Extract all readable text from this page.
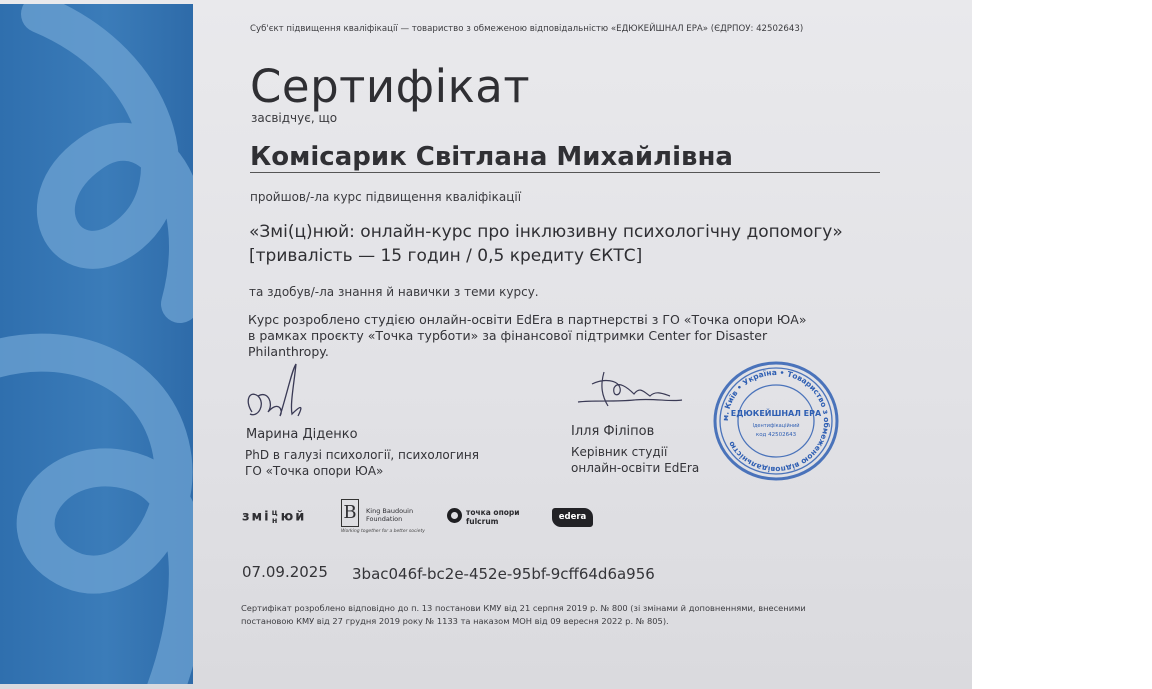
Суб'єкт підвищення кваліфікації — товариство з обмеженою відповідальністю «ЕДЮКЕЙШНАЛ ЕРА» (ЄДРПОУ: 42502643)
Сертифікат
засвідчує, що
Комісарик Світлана Михайлівна
пройшов/-ла курс підвищення кваліфікації
«Змі(ц)нюй: онлайн-курс про інклюзивну психологічну допомогу»
[тривалість — 15 годин / 0,5 кредиту ЄКТС]
та здобув/-ла знання й навички з теми курсу.
Курс розроблено студією онлайн-освіти EdEra в партнерстві з ГО «Точка опори ЮА»
в рамках проєкту «Точка турботи» за фінансової підтримки Center for Disaster
Philanthropy.
Марина Діденко
PhD в галузі психології, психологиня
ГО «Точка опори ЮА»
Ілля Філіпов
Керівник студії
онлайн-освіти EdEra
м. Київ • Україна • Товариство з обмеженою відповідальністю
ЕДЮКЕЙШНАЛ ЕРА
Ідентифікаційний
код 42502643
змі ц
н юй B	King Baudouin
Foundation
Working together for a better society
точка опори
fulcrum	edera
07.09.2025 3bac046f-bc2e-452e-95bf-9cff64d6a956
Сертифікат розроблено відповідно до п. 13 постанови КМУ від 21 серпня 2019 р. № 800 (зі змінами й доповненнями, внесеними
постановою КМУ від 27 грудня 2019 року № 1133 та наказом МОН від 09 вересня 2022 р. № 805).
